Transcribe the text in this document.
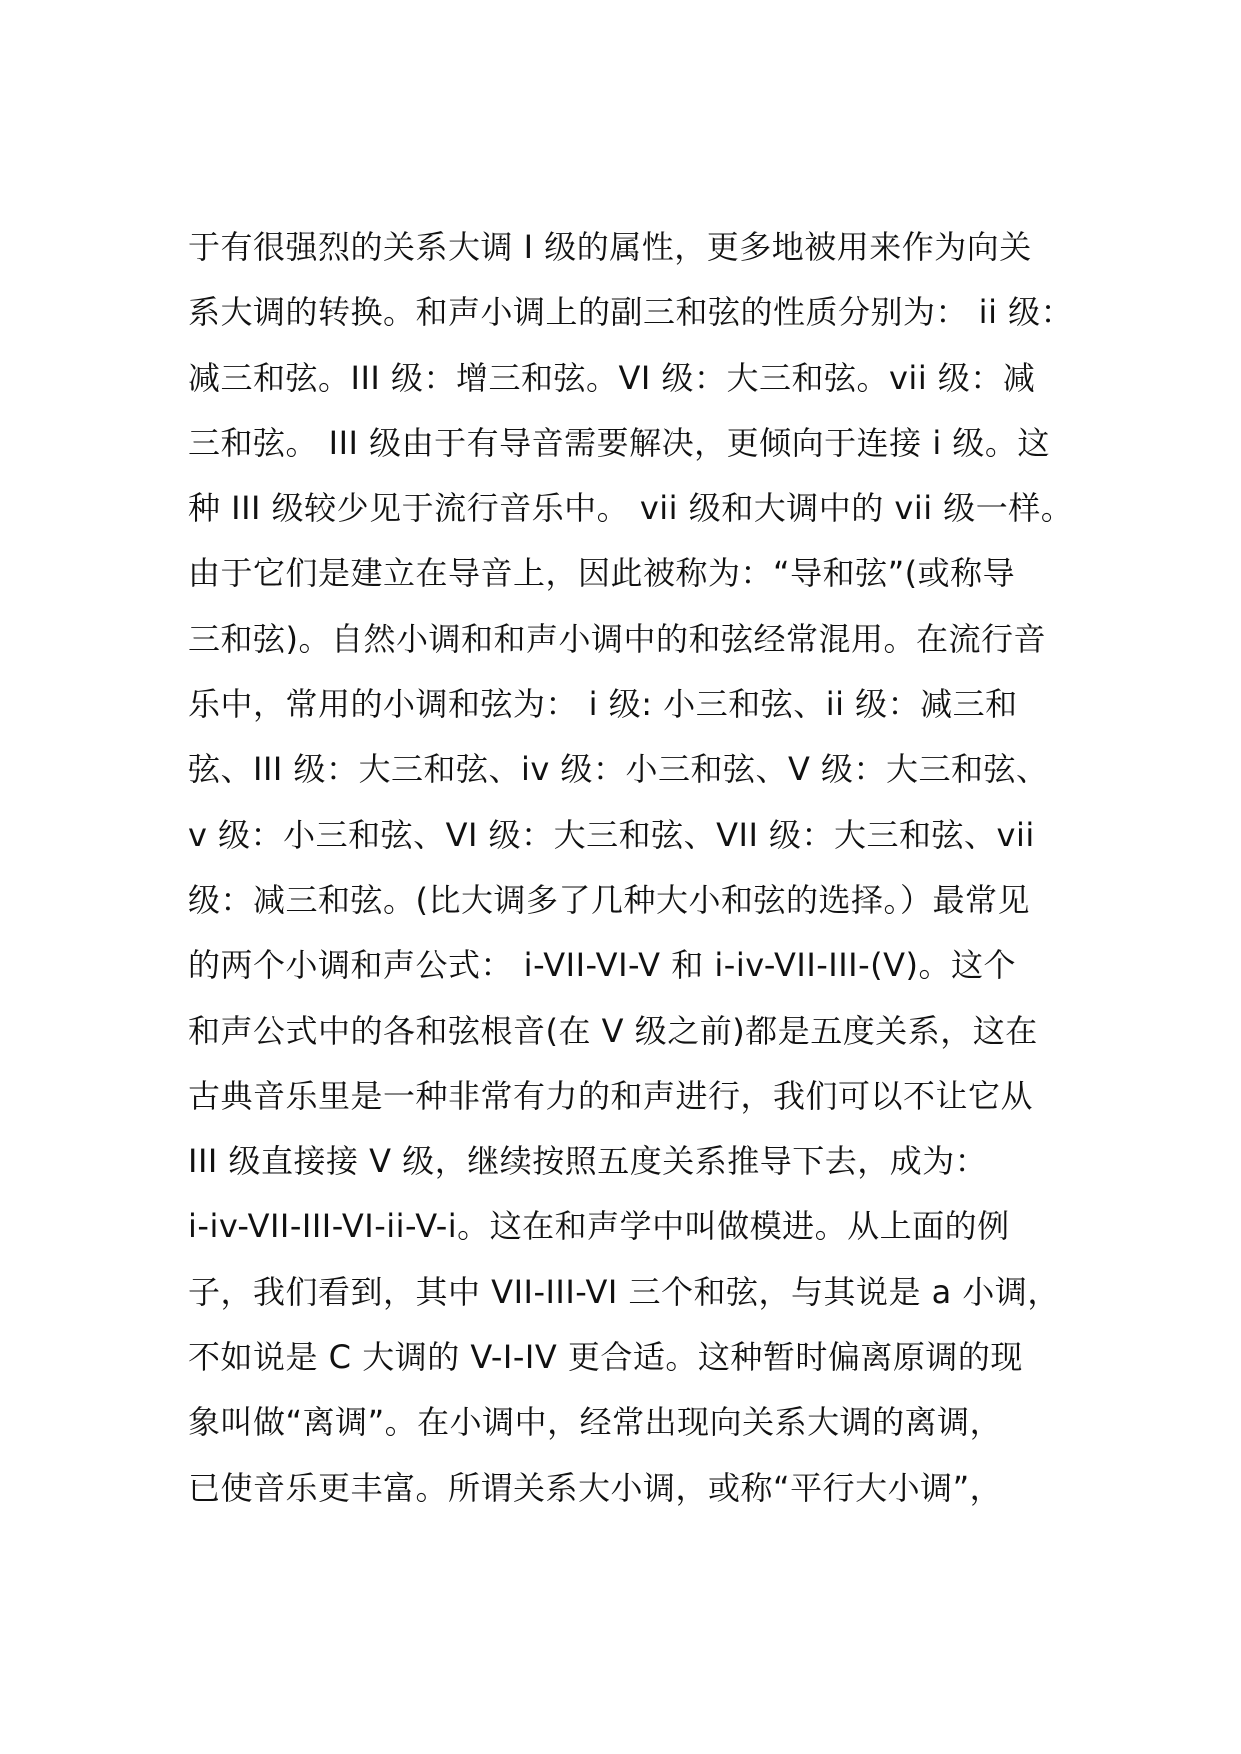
于有很强烈的关系大调 I 级的属性，更多地被用来作为向关
系大调的转换。和声小调上的副三和弦的性质分别为： ii 级：
减三和弦。III 级：增三和弦。VI 级：大三和弦。vii 级：减
三和弦。 III 级由于有导音需要解决，更倾向于连接 i 级。这
种 III 级较少见于流行音乐中。 vii 级和大调中的 vii 级一样。
由于它们是建立在导音上，因此被称为：“导和弦”(或称导
三和弦)。自然小调和和声小调中的和弦经常混用。在流行音
乐中，常用的小调和弦为： i 级: 小三和弦、ii 级：减三和
弦、III 级：大三和弦、iv 级：小三和弦、V 级：大三和弦、
v 级：小三和弦、VI 级：大三和弦、VII 级：大三和弦、vii
级：减三和弦。(比大调多了几种大小和弦的选择。）最常见
的两个小调和声公式： i-VII-VI-V 和 i-iv-VII-III-(V)。这个
和声公式中的各和弦根音(在 V 级之前)都是五度关系，这在
古典音乐里是一种非常有力的和声进行，我们可以不让它从
III 级直接接 V 级，继续按照五度关系推导下去，成为：
i-iv-VII-III-VI-ii-V-i。这在和声学中叫做模进。从上面的例
子，我们看到，其中 VII-III-VI 三个和弦，与其说是 a 小调，
不如说是 C 大调的 V-I-IV 更合适。这种暂时偏离原调的现
象叫做“离调”。在小调中，经常出现向关系大调的离调，
已使音乐更丰富。所谓关系大小调，或称“平行大小调”，
